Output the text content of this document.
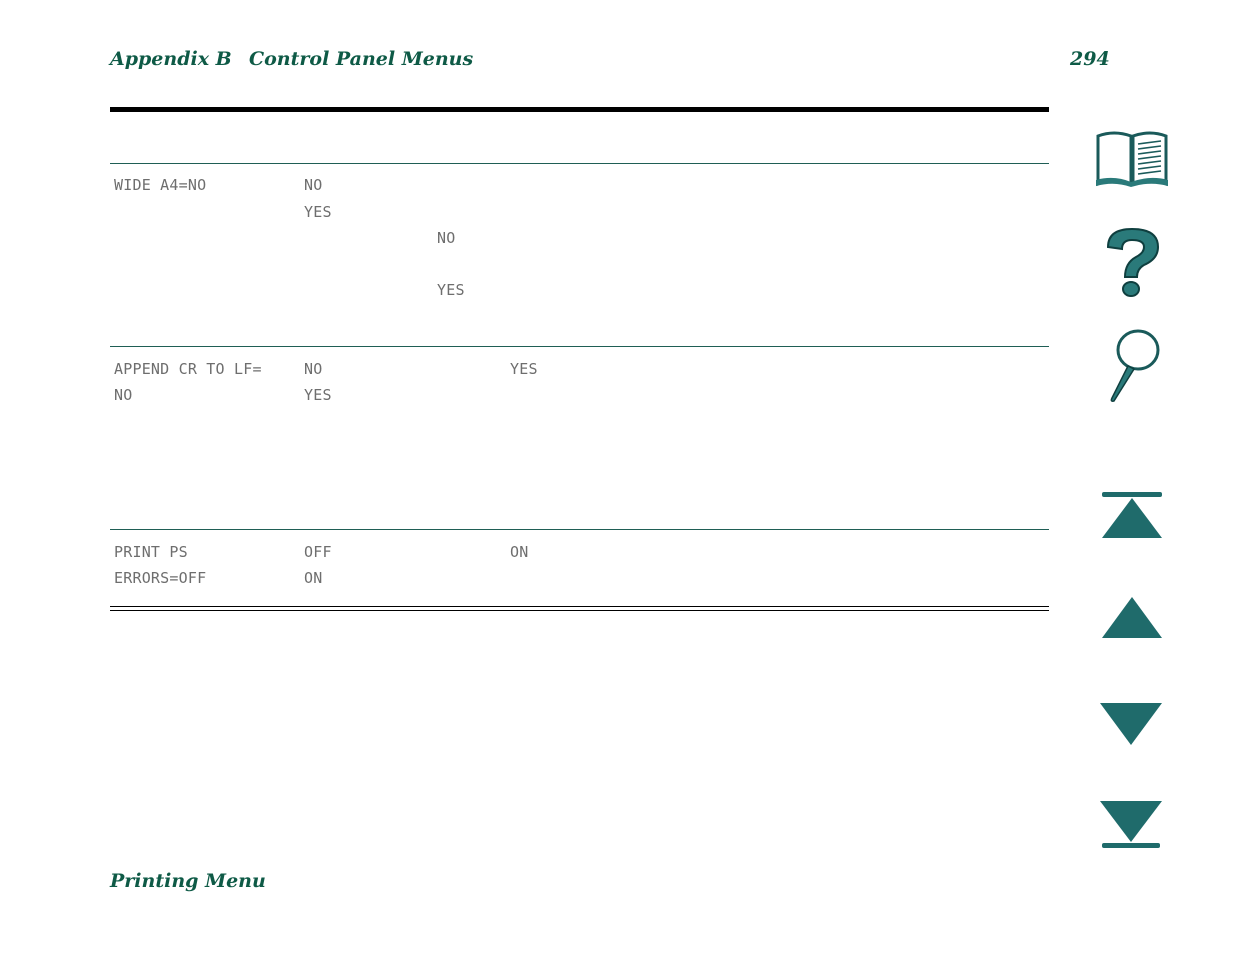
Appendix B Control Panel Menus	294
WIDE A4=NO	NO
YES
NO
YES
APPEND CR TO LF=
NO
NO
YES
YES
PRINT PS
ERRORS=OFF
OFF
ON
ON
Printing Menu
